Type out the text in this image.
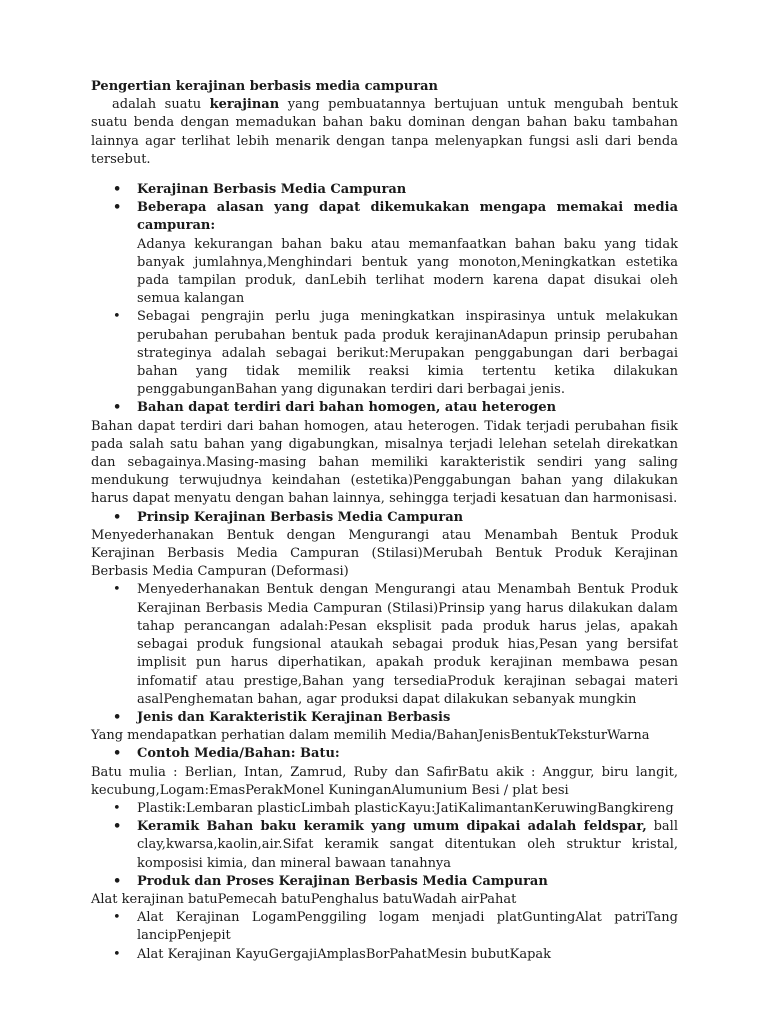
Pengertian kerajinan berbasis media campuran

adalah suatu kerajinan yang pembuatannya bertujuan untuk mengubah bentuk suatu benda dengan memadukan bahan baku dominan dengan bahan baku tambahan lainnya agar terlihat lebih menarik dengan tanpa melenyapkan fungsi asli dari benda tersebut.

• Kerajinan Berbasis Media Campuran
• Beberapa alasan yang dapat dikemukakan mengapa memakai media campuran:
Adanya kekurangan bahan baku atau memanfaatkan bahan baku yang tidak banyak jumlahnya,Menghindari bentuk yang monoton,Meningkatkan estetika pada tampilan produk, danLebih terlihat modern karena dapat disukai oleh semua kalangan
• Sebagai pengrajin perlu juga meningkatkan inspirasinya untuk melakukan perubahan perubahan bentuk pada produk kerajinanAdapun prinsip perubahan strateginya adalah sebagai berikut:Merupakan penggabungan dari berbagai bahan yang tidak memilik reaksi kimia tertentu ketika dilakukan penggabunganBahan yang digunakan terdiri dari berbagai jenis.
• Bahan dapat terdiri dari bahan homogen, atau heterogen

Bahan dapat terdiri dari bahan homogen, atau heterogen. Tidak terjadi perubahan fisik pada salah satu bahan yang digabungkan, misalnya terjadi lelehan setelah direkatkan dan sebagainya.Masing-masing bahan memiliki karakteristik sendiri yang saling mendukung terwujudnya keindahan (estetika)Penggabungan bahan yang dilakukan harus dapat menyatu dengan bahan lainnya, sehingga terjadi kesatuan dan harmonisasi.

• Prinsip Kerajinan Berbasis Media Campuran

Menyederhanakan Bentuk dengan Mengurangi atau Menambah Bentuk Produk Kerajinan Berbasis Media Campuran (Stilasi)Merubah Bentuk Produk Kerajinan Berbasis Media Campuran (Deformasi)

• Menyederhanakan Bentuk dengan Mengurangi atau Menambah Bentuk Produk Kerajinan Berbasis Media Campuran (Stilasi)Prinsip yang harus dilakukan dalam tahap perancangan adalah:Pesan eksplisit pada produk harus jelas, apakah sebagai produk fungsional ataukah sebagai produk hias,Pesan yang bersifat implisit pun harus diperhatikan, apakah produk kerajinan membawa pesan infomatif atau prestige,Bahan yang tersediaProduk kerajinan sebagai materi asalPenghematan bahan, agar produksi dapat dilakukan sebanyak mungkin
• Jenis dan Karakteristik Kerajinan Berbasis

Yang mendapatkan perhatian dalam memilih Media/BahanJenisBentukTeksturWarna

• Contoh Media/Bahan: Batu:

Batu mulia : Berlian, Intan, Zamrud, Ruby dan SafirBatu akik : Anggur, biru langit, kecubung,Logam:EmasPerakMonel KuninganAlumunium Besi / plat besi

• Plastik:Lembaran plasticLimbah plasticKayu:JatiKalimantanKeruwingBangkireng
• Keramik Bahan baku keramik yang umum dipakai adalah feldspar, ball clay,kwarsa,kaolin,air.Sifat keramik sangat ditentukan oleh struktur kristal, komposisi kimia, dan mineral bawaan tanahnya
• Produk dan Proses Kerajinan Berbasis Media Campuran

Alat kerajinan batuPemecah batuPenghalus batuWadah airPahat

• Alat Kerajinan LogamPenggiling logam menjadi platGuntingAlat patriTang lancipPenjepit
• Alat Kerajinan KayuGergajiAmplasBorPahatMesin bubutKapak
